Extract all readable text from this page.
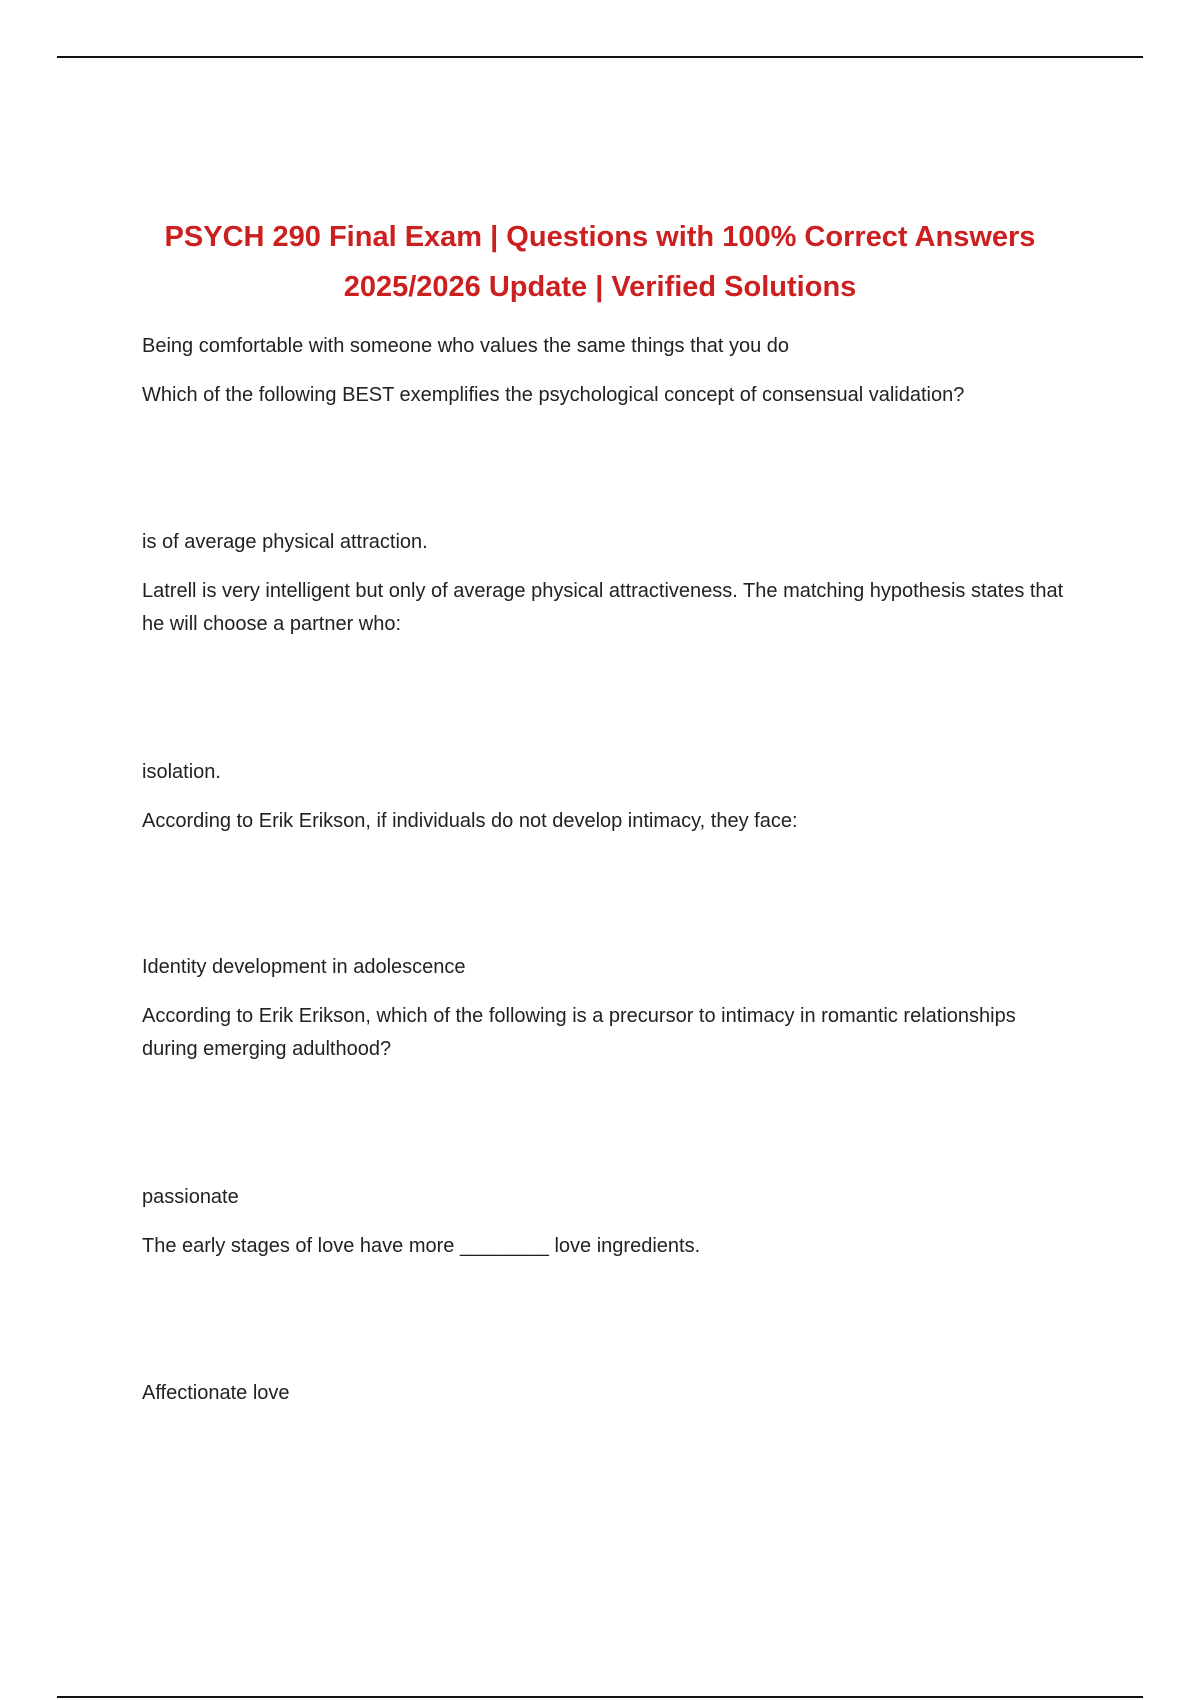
PSYCH 290 Final Exam | Questions with 100% Correct Answers
2025/2026 Update | Verified Solutions

Being comfortable with someone who values the same things that you do

Which of the following BEST exemplifies the psychological concept of consensual validation?

is of average physical attraction.

Latrell is very intelligent but only of average physical attractiveness. The matching hypothesis states that he will choose a partner who:

isolation.

According to Erik Erikson, if individuals do not develop intimacy, they face:

Identity development in adolescence

According to Erik Erikson, which of the following is a precursor to intimacy in romantic relationships during emerging adulthood?

passionate

The early stages of love have more ________ love ingredients.

Affectionate love
